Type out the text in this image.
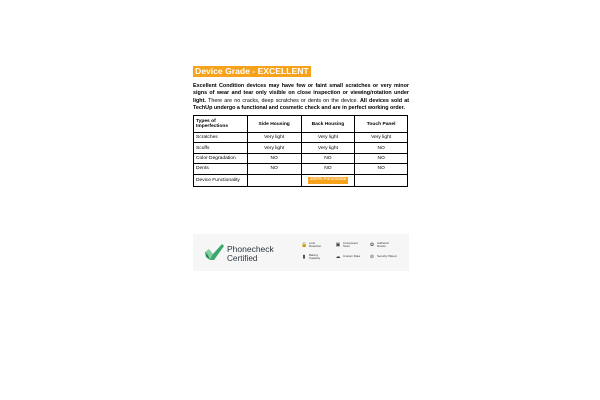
Device Grade - EXCELLENT
Excellent Condition devices may have few or faint small scratches or very minor signs of wear and tear only visible on close inspection or viewing/rotation under light. There are no cracks, deep scratches or dents on the device. All devices sold at TechUp undergo a functional and cosmetic check and are in perfect working order.
Types of Imperfections	Side Housing	Back Housing	Touch Panel
Scratches	Very light	Very light	Very light
Scuffs	Very light	Very light	NO
Color Degradation	NO	NO	NO
Dents	NO	NO	NO
Device Functionality		100% Functional	
Phonecheck
Certified
🔒 Lock Detection	▣ Component Scan	✿	Authentic Device
▮	Battery Capacity	☁ Custom Data	⊘	Security Wiped
